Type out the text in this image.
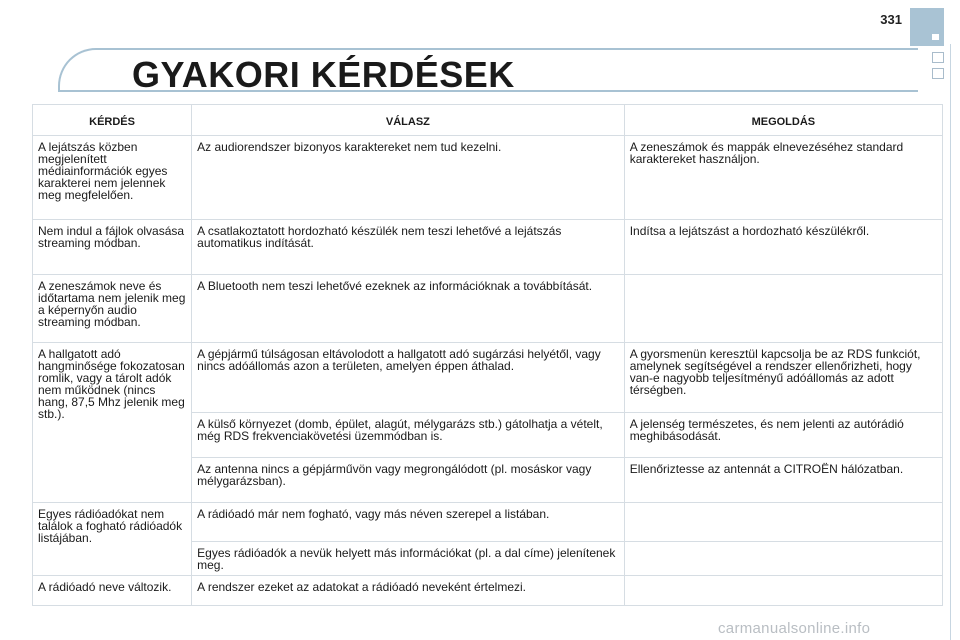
331
GYAKORI KÉRDÉSEK
KÉRDÉS	VÁLASZ	MEGOLDÁS
A lejátszás közben megjelenített médiainformációk egyes karakterei nem jelennek meg megfelelően.	Az audiorendszer bizonyos karaktereket nem tud kezelni.	A zeneszámok és mappák elnevezéséhez standard karaktereket használjon.
Nem indul a fájlok olvasása streaming módban.	A csatlakoztatott hordozható készülék nem teszi lehetővé a lejátszás automatikus indítását.	Indítsa a lejátszást a hordozható készülékről.
A zeneszámok neve és időtartama nem jelenik meg a képernyőn audio streaming módban.	A Bluetooth nem teszi lehetővé ezeknek az információknak a továbbítását.	
A hallgatott adó hangminősége fokozatosan romlik, vagy a tárolt adók nem működnek (nincs hang, 87,5 Mhz jelenik meg stb.).	A gépjármű túlságosan eltávolodott a hallgatott adó sugárzási helyétől, vagy nincs adóállomás azon a területen, amelyen éppen áthalad.	A gyorsmenün keresztül kapcsolja be az RDS funkciót, amelynek segítségével a rendszer ellenőrizheti, hogy van-e nagyobb teljesítményű adóállomás az adott térségben.
	A külső környezet (domb, épület, alagút, mélygarázs stb.) gátolhatja a vételt, még RDS frekvenciakövetési üzemmódban is.	A jelenség természetes, és nem jelenti az autórádió meghibásodását.
	Az antenna nincs a gépjárművön vagy megrongálódott (pl. mosáskor vagy mélygarázsban).	Ellenőriztesse az antennát a CITROËN hálózatban.
Egyes rádióadókat nem találok a fogható rádióadók listájában.	A rádióadó már nem fogható, vagy más néven szerepel a listában.	
	Egyes rádióadók a nevük helyett más információkat (pl. a dal címe) jelenítenek meg.	
A rádióadó neve változik.	A rendszer ezeket az adatokat a rádióadó neveként értelmezi.	
carmanualsonline.info
